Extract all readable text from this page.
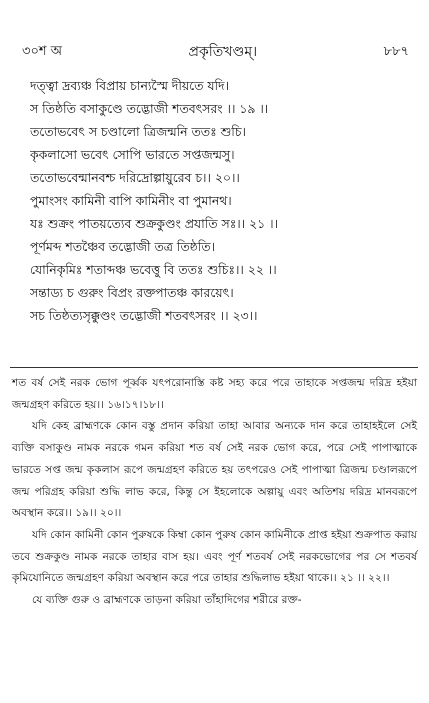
৩০শ অ	প্রকৃতিখণ্ডম্।	৮৮৭
দত্ত্বা দ্রব্যঞ্চ বিপ্রায় চান্যস্মৈ দীয়তে যদি।
স তিষ্ঠতি বসাকুণ্ডে তদ্ভোজী শতবৎসরং ।। ১৯ ।।
ততোভবেৎ স চণ্ডালো ত্রিজন্মনি ততঃ শুচি।
কৃকলাসো ভবেৎ সোপি ভারতে সপ্তজন্মসু।
ততোভবেন্মানবশ্চ দরিদ্রোল্পায়ুরেব চ।। ২০।।
পুমাংসং কামিনী বাপি কামিনীং বা পুমানথ।
যঃ শুক্রং পাতয়ত্যেব শুক্রকুণ্ডং প্রযাতি সঃ।। ২১ ।।
পূর্ণমব্দ শতঞ্চৈব তদ্ভোজী তত্র তিষ্ঠতি।
যোনিকৃমিঃ শতাব্দঞ্চ ভবেত্তু বি ততঃ শুচিঃ।। ২২ ।।
সন্তাড্য চ গুরুং বিপ্রং রক্তপাতঞ্চ কারয়েৎ।
সচ তিষ্ঠত্যসৃক্কুণ্ডং তদ্ভোজী শতবৎসরং ।। ২৩।।

শত বর্ষ সেই নরক ভোগ পূর্ব্বক যৎপরোনাস্তি কষ্ট সহ্য করে পরে তাহাকে সপ্তজন্ম দরিদ্র হইয়া জন্মগ্রহণ করিতে হয়।। ১৬।১৭।১৮।।

যদি কেহ ব্রাহ্মণকে কোন বস্তু প্রদান করিয়া তাহা আবার অন্যকে দান করে তাহাহইলে সেই ব্যক্তি বসাকুণ্ড নামক নরকে গমন করিয়া শত বর্ষ সেই নরক ভোগ করে, পরে সেই পাপাত্মাকে ভারতে সপ্ত জন্ম কৃকলাস রূপে জন্মগ্রহণ করিতে হয় তৎপরেও সেই পাপাত্মা ত্রিজন্ম চণ্ডালরূপে জন্ম পরিগ্রহ করিয়া শুদ্ধি লাভ করে, কিন্তু সে ইহলোকে অল্পায়ু এবং অতিশয় দরিদ্র মানবরূপে অবস্থান করে।। ১৯।। ২০।।

যদি কোন কামিনী কোন পুরুষকে কিম্বা কোন পুরুষ কোন কামিনীকে প্রাপ্ত হইয়া শুক্রপাত করায় তবে শুক্রকুণ্ড নামক নরকে তাহার বাস হয়। এবং পূর্ণ শতবর্ষ সেই নরকভোগের পর সে শতবর্ষ কৃমিযোনিতে জন্মগ্রহণ করিয়া অবস্থান করে পরে তাহার শুদ্ধিলাভ হইয়া থাকে।। ২১ ।। ২২।।

যে ব্যক্তি গুরু ও ব্রাহ্মণকে তাড়না করিয়া তাঁহাদিগের শরীরে রক্ত-
